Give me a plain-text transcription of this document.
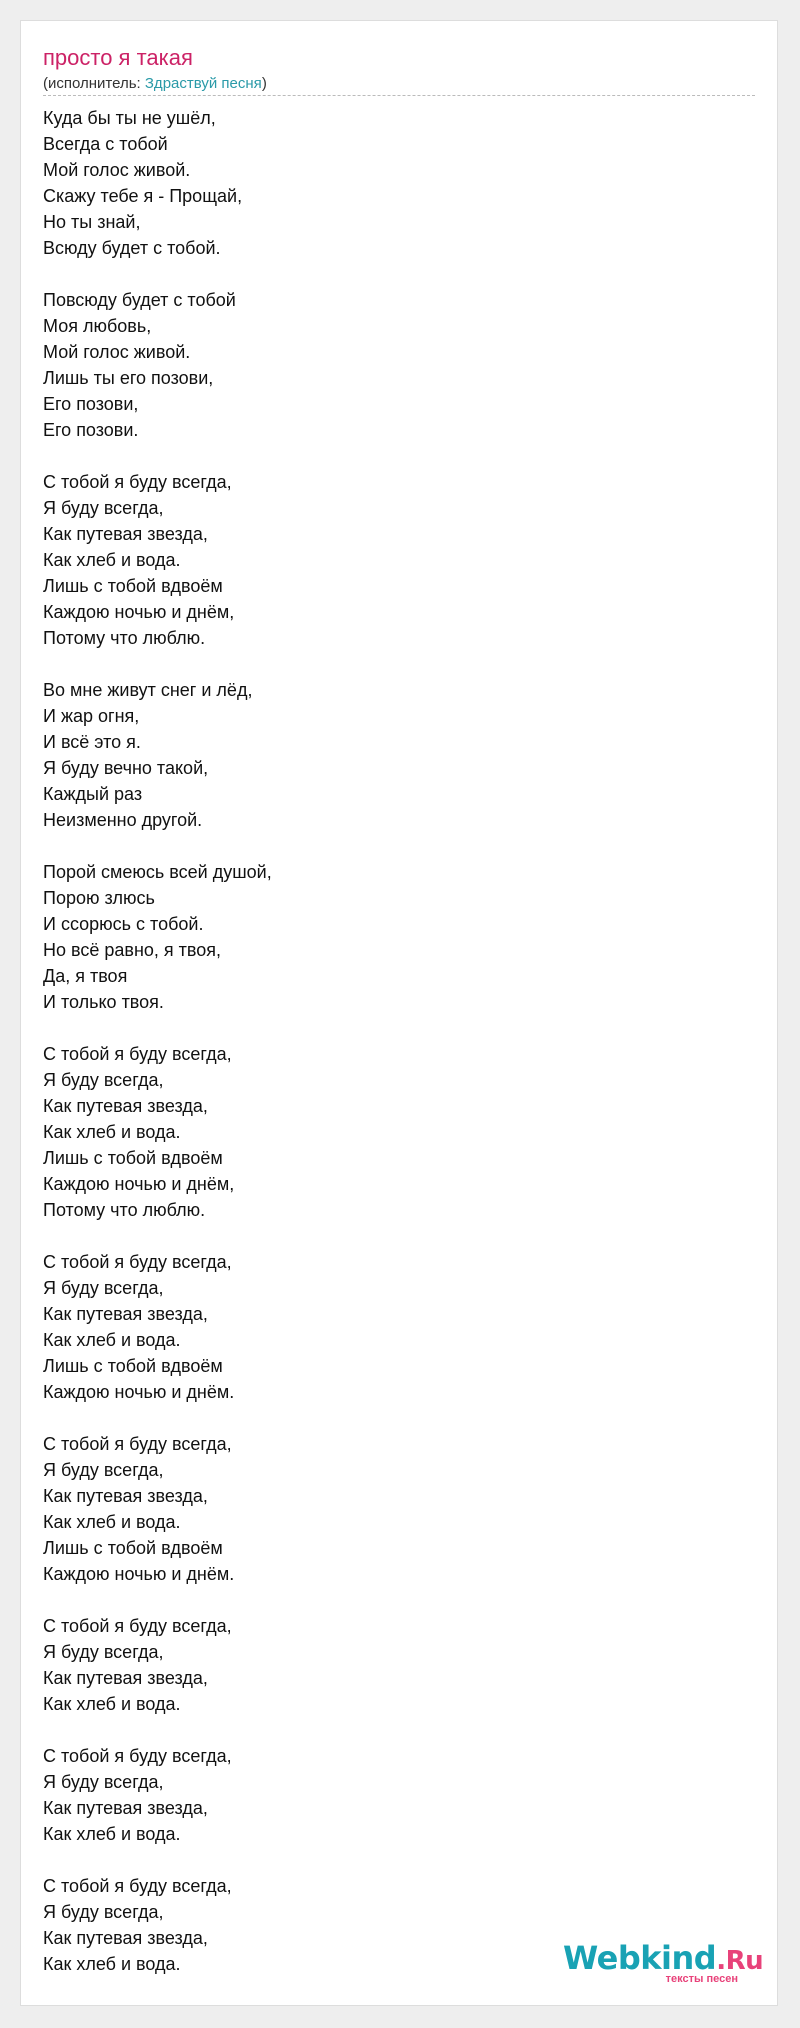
просто я такая
(исполнитель: Здраствуй песня)
Куда бы ты не ушёл,
Всегда с тобой
Мой голос живой.
Скажу тебе я - Прощай,
Но ты знай,
Всюду будет с тобой.

Повсюду будет с тобой
Моя любовь,
Мой голос живой.
Лишь ты его позови,
Его позови,
Его позови.

С тобой я буду всегда,
Я буду всегда,
Как путевая звезда,
Как хлеб и вода.
Лишь с тобой вдвоём
Каждою ночью и днём,
Потому что люблю.

Во мне живут снег и лёд,
И жар огня,
И всё это я.
Я буду вечно такой,
Каждый раз
Неизменно другой.

Порой смеюсь всей душой,
Порою злюсь
И ссорюсь с тобой.
Но всё равно, я твоя,
Да, я твоя
И только твоя.

С тобой я буду всегда,
Я буду всегда,
Как путевая звезда,
Как хлеб и вода.
Лишь с тобой вдвоём
Каждою ночью и днём,
Потому что люблю.

С тобой я буду всегда,
Я буду всегда,
Как путевая звезда,
Как хлеб и вода.
Лишь с тобой вдвоём
Каждою ночью и днём.

С тобой я буду всегда,
Я буду всегда,
Как путевая звезда,
Как хлеб и вода.
Лишь с тобой вдвоём
Каждою ночью и днём.

С тобой я буду всегда,
Я буду всегда,
Как путевая звезда,
Как хлеб и вода.

С тобой я буду всегда,
Я буду всегда,
Как путевая звезда,
Как хлеб и вода.

С тобой я буду всегда,
Я буду всегда,
Как путевая звезда,
Как хлеб и вода.	Webkind.Ru
тексты песен
